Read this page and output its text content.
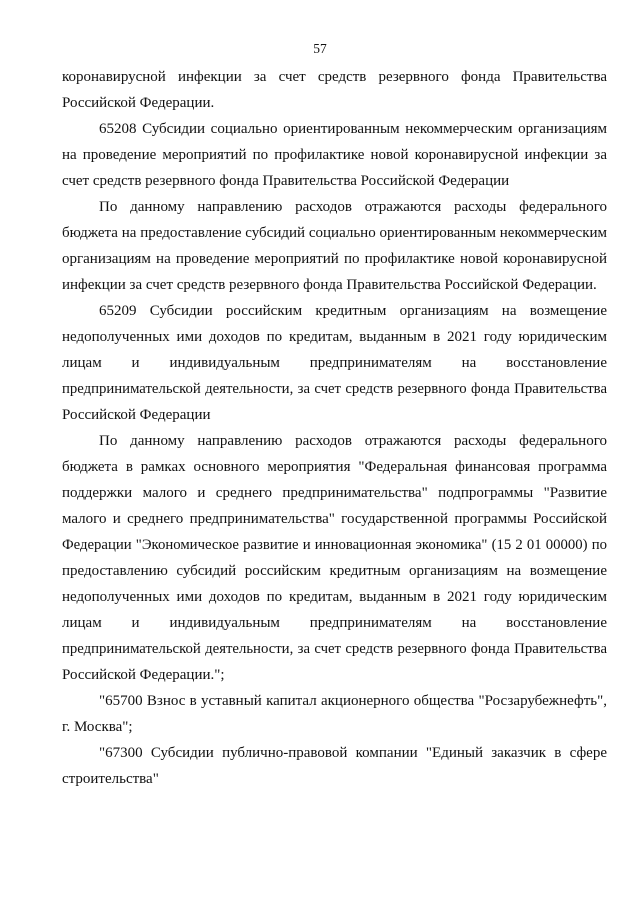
57
коронавирусной инфекции за счет средств резервного фонда Правительства
Российской Федерации.
65208 Субсидии социально ориентированным некоммерческим организациям
на проведение мероприятий по профилактике новой коронавирусной инфекции за
счет средств резервного фонда Правительства Российской Федерации
По данному направлению расходов отражаются расходы федерального
бюджета на предоставление субсидий социально ориентированным некоммерческим
организациям на проведение мероприятий по профилактике новой коронавирусной
инфекции за счет средств резервного фонда Правительства Российской Федерации.
65209 Субсидии российским кредитным организациям на возмещение
недополученных ими доходов по кредитам, выданным в 2021 году юридическим
лицам и индивидуальным предпринимателям на восстановление
предпринимательской деятельности, за счет средств резервного фонда Правительства
Российской Федерации
По данному направлению расходов отражаются расходы федерального
бюджета в рамках основного мероприятия "Федеральная финансовая программа
поддержки малого и среднего предпринимательства" подпрограммы "Развитие
малого и среднего предпринимательства" государственной программы Российской
Федерации "Экономическое развитие и инновационная экономика" (15 2 01 00000) по
предоставлению субсидий российским кредитным организациям на возмещение
недополученных ими доходов по кредитам, выданным в 2021 году юридическим
лицам и индивидуальным предпринимателям на восстановление
предпринимательской деятельности, за счет средств резервного фонда Правительства
Российской Федерации.";
"65700 Взнос в уставный капитал акционерного общества "Росзарубежнефть",
г. Москва";
"67300 Субсидии публично-правовой компании "Единый заказчик в сфере
строительства"
